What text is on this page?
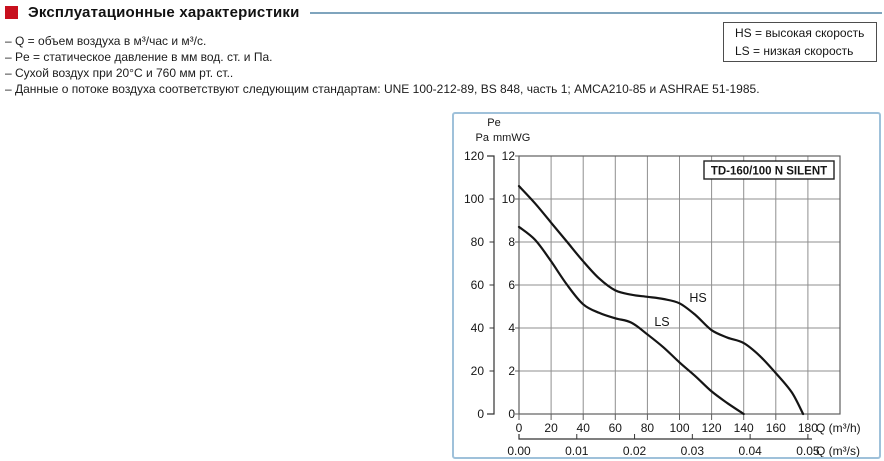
Эксплуатационные характеристики
– Q = объем воздуха в м³/час и м³/с.
– Pe = статическое давление в мм вод. ст. и Па.
– Сухой воздух при 20°C и 760 мм рт. ст..
– Данные о потоке воздуха соответствуют следующим стандартам: UNE 100-212-89, BS 848, часть 1; AMCA210-85 и ASHRAE 51-1985.
HS = высокая скорость
LS = низкая скорость
120
100
80
60
40
20
0
12
10
8
6
4
2
0
Pe
Pa mmWG
0 20 40 60 80 100 120 140 160 180
Q (m³/h)
0.00	0.01	0.02	0.03	0.04	0.05
Q (m³/s)
TD-160/100 N SILENT
HS
LS
